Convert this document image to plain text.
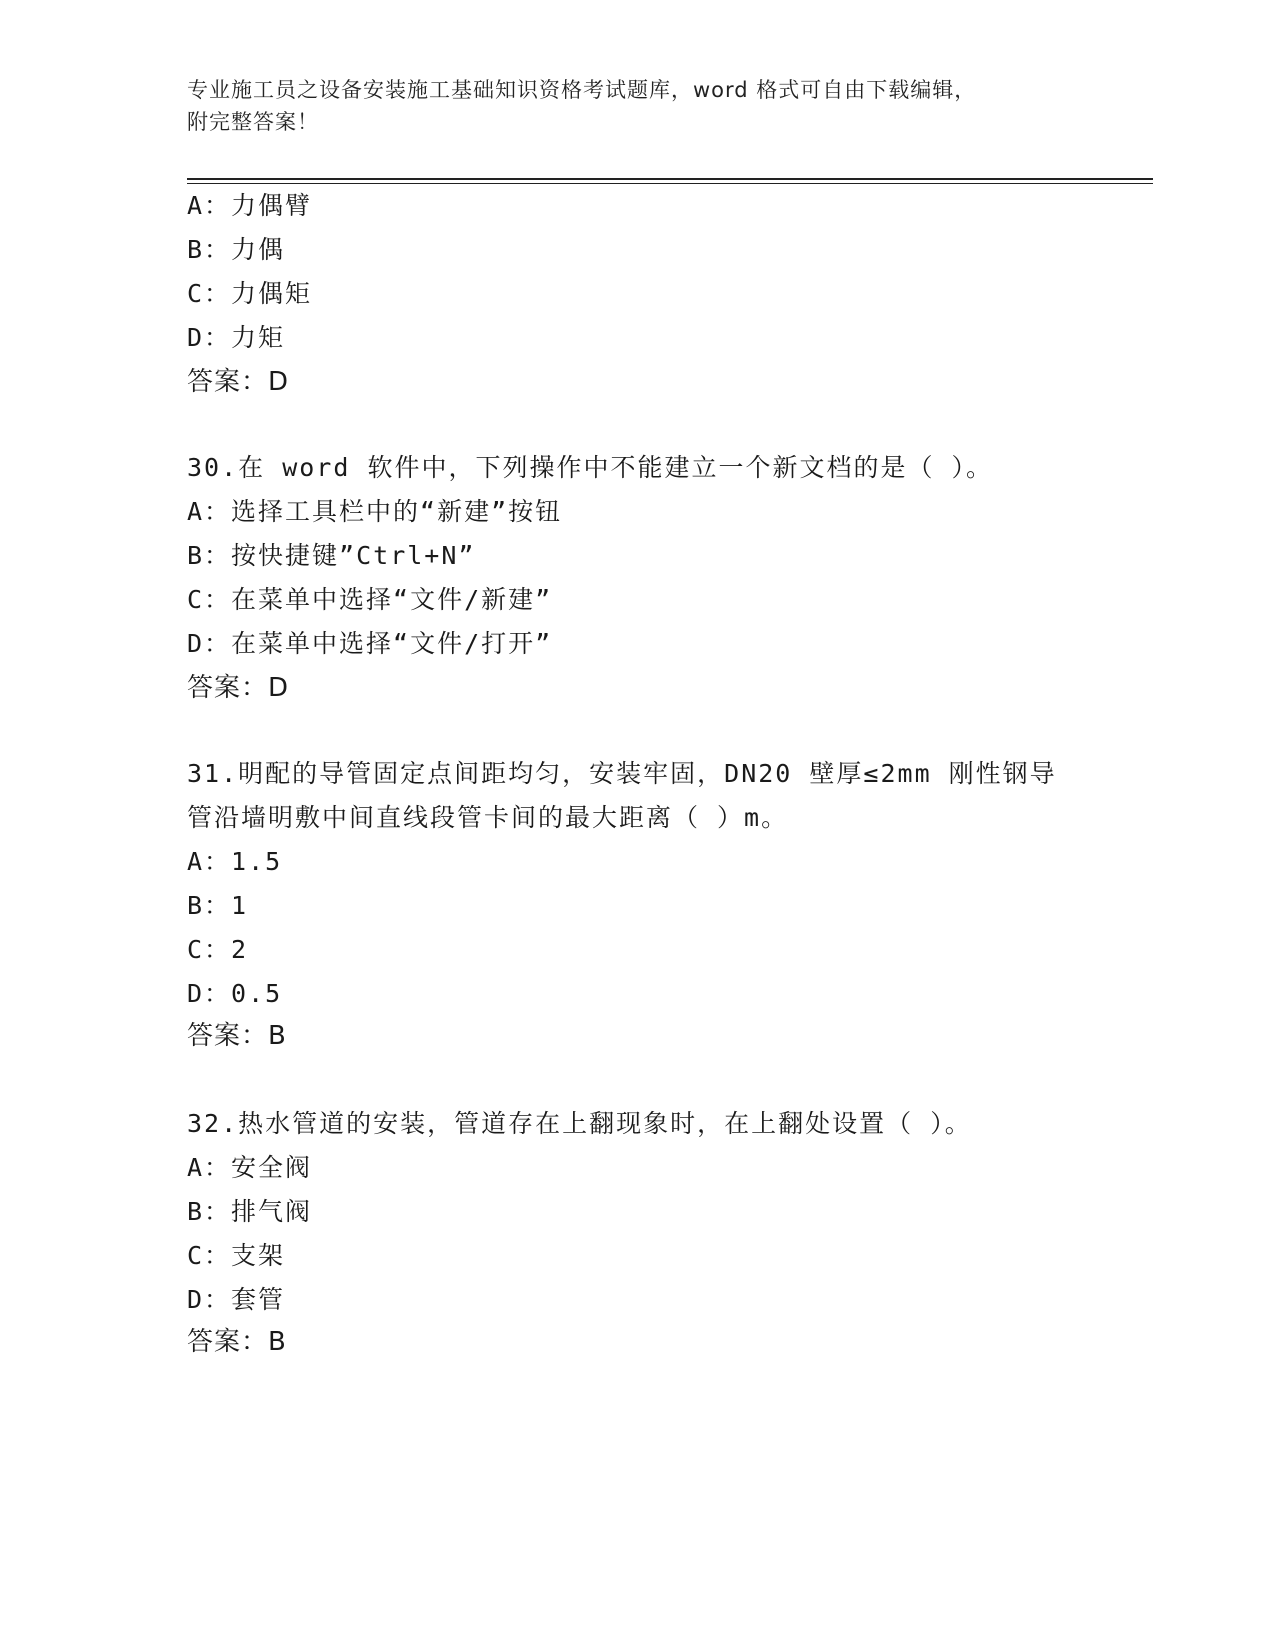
专业施工员之设备安装施工基础知识资格考试题库，word 格式可自由下载编辑，
附完整答案！
A：力偶臂
B：力偶
C：力偶矩
D：力矩
答案：D
30.在 word 软件中，下列操作中不能建立一个新文档的是（ ）。
A：选择工具栏中的“新建”按钮
B：按快捷键”Ctrl+N”
C：在菜单中选择“文件/新建”
D：在菜单中选择“文件/打开”
答案：D
31.明配的导管固定点间距均匀，安装牢固，DN20 壁厚≤2mm 刚性钢导
管沿墙明敷中间直线段管卡间的最大距离（ ）m。
A：1.5
B：1
C：2
D：0.5
答案：B
32.热水管道的安装，管道存在上翻现象时，在上翻处设置（ ）。
A：安全阀
B：排气阀
C：支架
D：套管
答案：B
